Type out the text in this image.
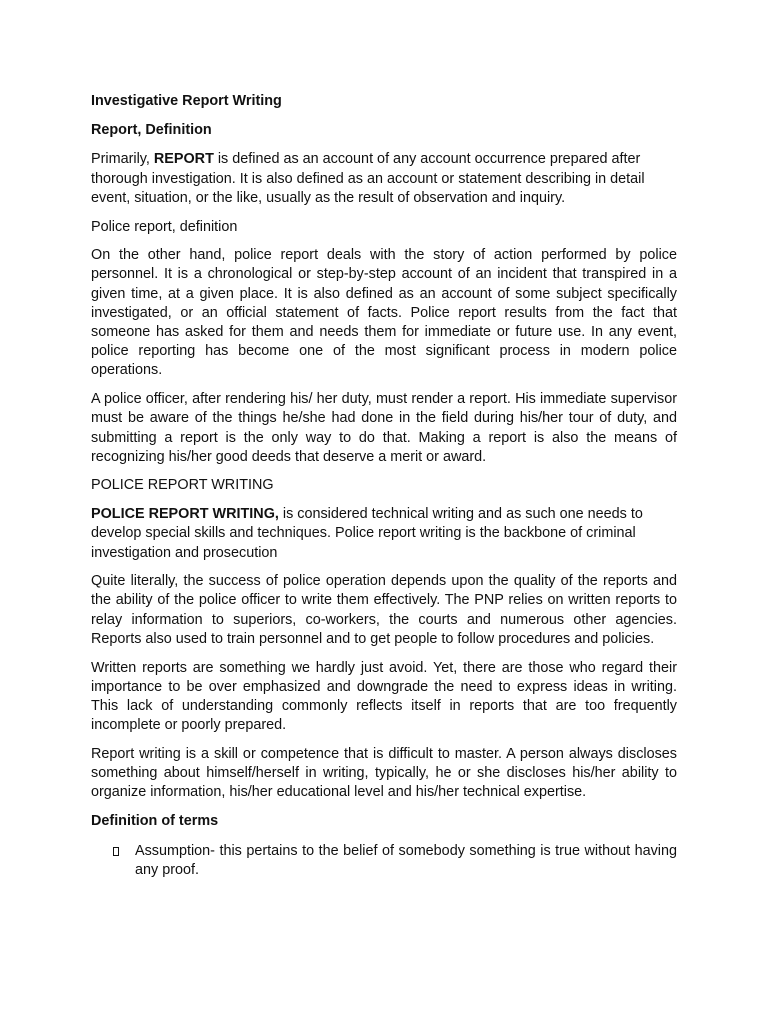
Investigative Report Writing
Report, Definition

Primarily, REPORT is defined as an account of any account occurrence prepared after thorough investigation. It is also defined as an account or statement describing in detail event, situation, or the like, usually as the result of observation and inquiry.

Police report, definition

On the other hand, police report deals with the story of action performed by police personnel. It is a chronological or step-by-step account of an incident that transpired in a given time, at a given place. It is also defined as an account of some subject specifically investigated, or an official statement of facts. Police report results from the fact that someone has asked for them and needs them for immediate or future use. In any event, police reporting has become one of the most significant process in modern police operations.

A police officer, after rendering his/ her duty, must render a report. His immediate supervisor must be aware of the things he/she had done in the field during his/her tour of duty, and submitting a report is the only way to do that. Making a report is also the means of recognizing his/her good deeds that deserve a merit or award.

POLICE REPORT WRITING

POLICE REPORT WRITING, is considered technical writing and as such one needs to develop special skills and techniques. Police report writing is the backbone of criminal investigation and prosecution

Quite literally, the success of police operation depends upon the quality of the reports and the ability of the police officer to write them effectively. The PNP relies on written reports to relay information to superiors, co-workers, the courts and numerous other agencies. Reports also used to train personnel and to get people to follow procedures and policies.

Written reports are something we hardly just avoid. Yet, there are those who regard their importance to be over emphasized and downgrade the need to express ideas in writing. This lack of understanding commonly reflects itself in reports that are too frequently incomplete or poorly prepared.

Report writing is a skill or competence that is difficult to master. A person always discloses something about himself/herself in writing, typically, he or she discloses his/her ability to organize information, his/her educational level and his/her technical expertise.

Definition of terms
Assumption- this pertains to the belief of somebody something is true without having any proof.
